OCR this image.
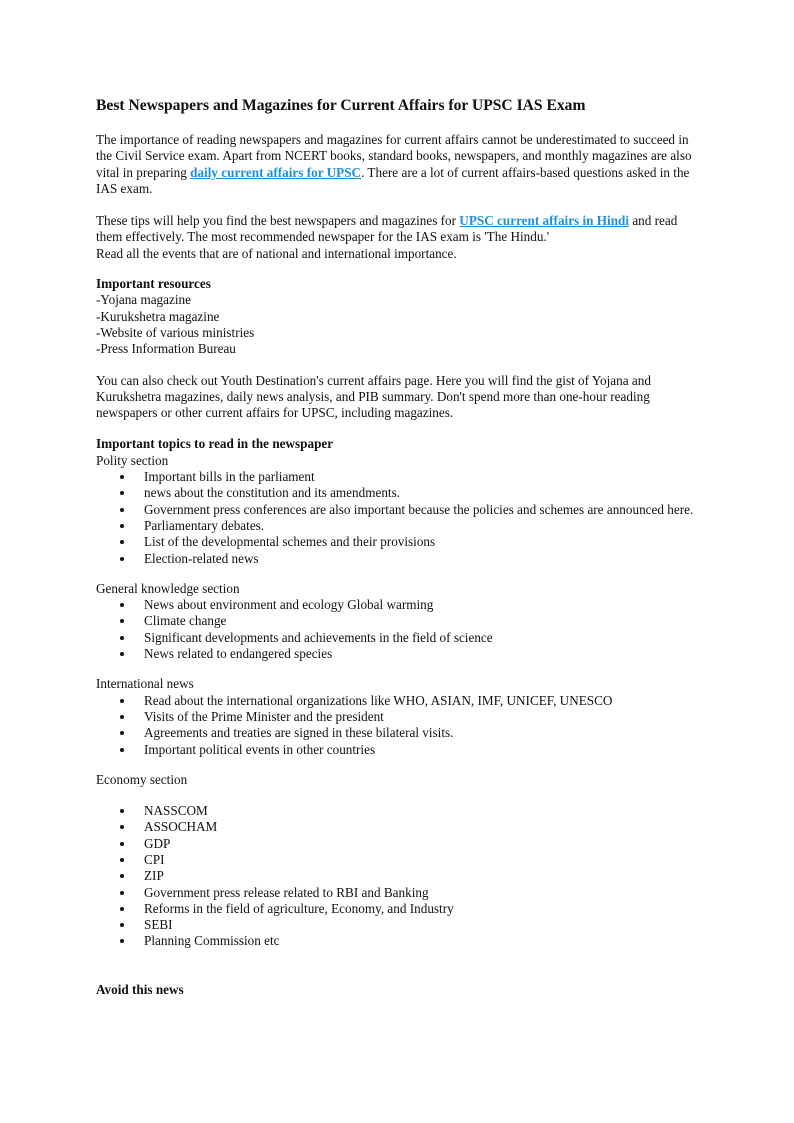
Best Newspapers and Magazines for Current Affairs for UPSC IAS Exam

The importance of reading newspapers and magazines for current affairs cannot be underestimated to succeed in the Civil Service exam. Apart from NCERT books, standard books, newspapers, and monthly magazines are also vital in preparing daily current affairs for UPSC. There are a lot of current affairs-based questions asked in the IAS exam.

These tips will help you find the best newspapers and magazines for UPSC current affairs in Hindi and read them effectively. The most recommended newspaper for the IAS exam is 'The Hindu.'

Read all the events that are of national and international importance.

Important resources

-Yojana magazine

-Kurukshetra magazine

-Website of various ministries

-Press Information Bureau

You can also check out Youth Destination's current affairs page. Here you will find the gist of Yojana and Kurukshetra magazines, daily news analysis, and PIB summary. Don't spend more than one-hour reading newspapers or other current affairs for UPSC, including magazines.

Important topics to read in the newspaper

Polity section

Important bills in the parliament
news about the constitution and its amendments.
Government press conferences are also important because the policies and schemes are announced here.
Parliamentary debates.
List of the developmental schemes and their provisions
Election-related news

General knowledge section

News about environment and ecology Global warming
Climate change
Significant developments and achievements in the field of science
News related to endangered species

International news

Read about the international organizations like WHO, ASIAN, IMF, UNICEF, UNESCO
Visits of the Prime Minister and the president
Agreements and treaties are signed in these bilateral visits.
Important political events in other countries

Economy section

NASSCOM
ASSOCHAM
GDP
CPI
ZIP
Government press release related to RBI and Banking
Reforms in the field of agriculture, Economy, and Industry
SEBI
Planning Commission etc

Avoid this news
